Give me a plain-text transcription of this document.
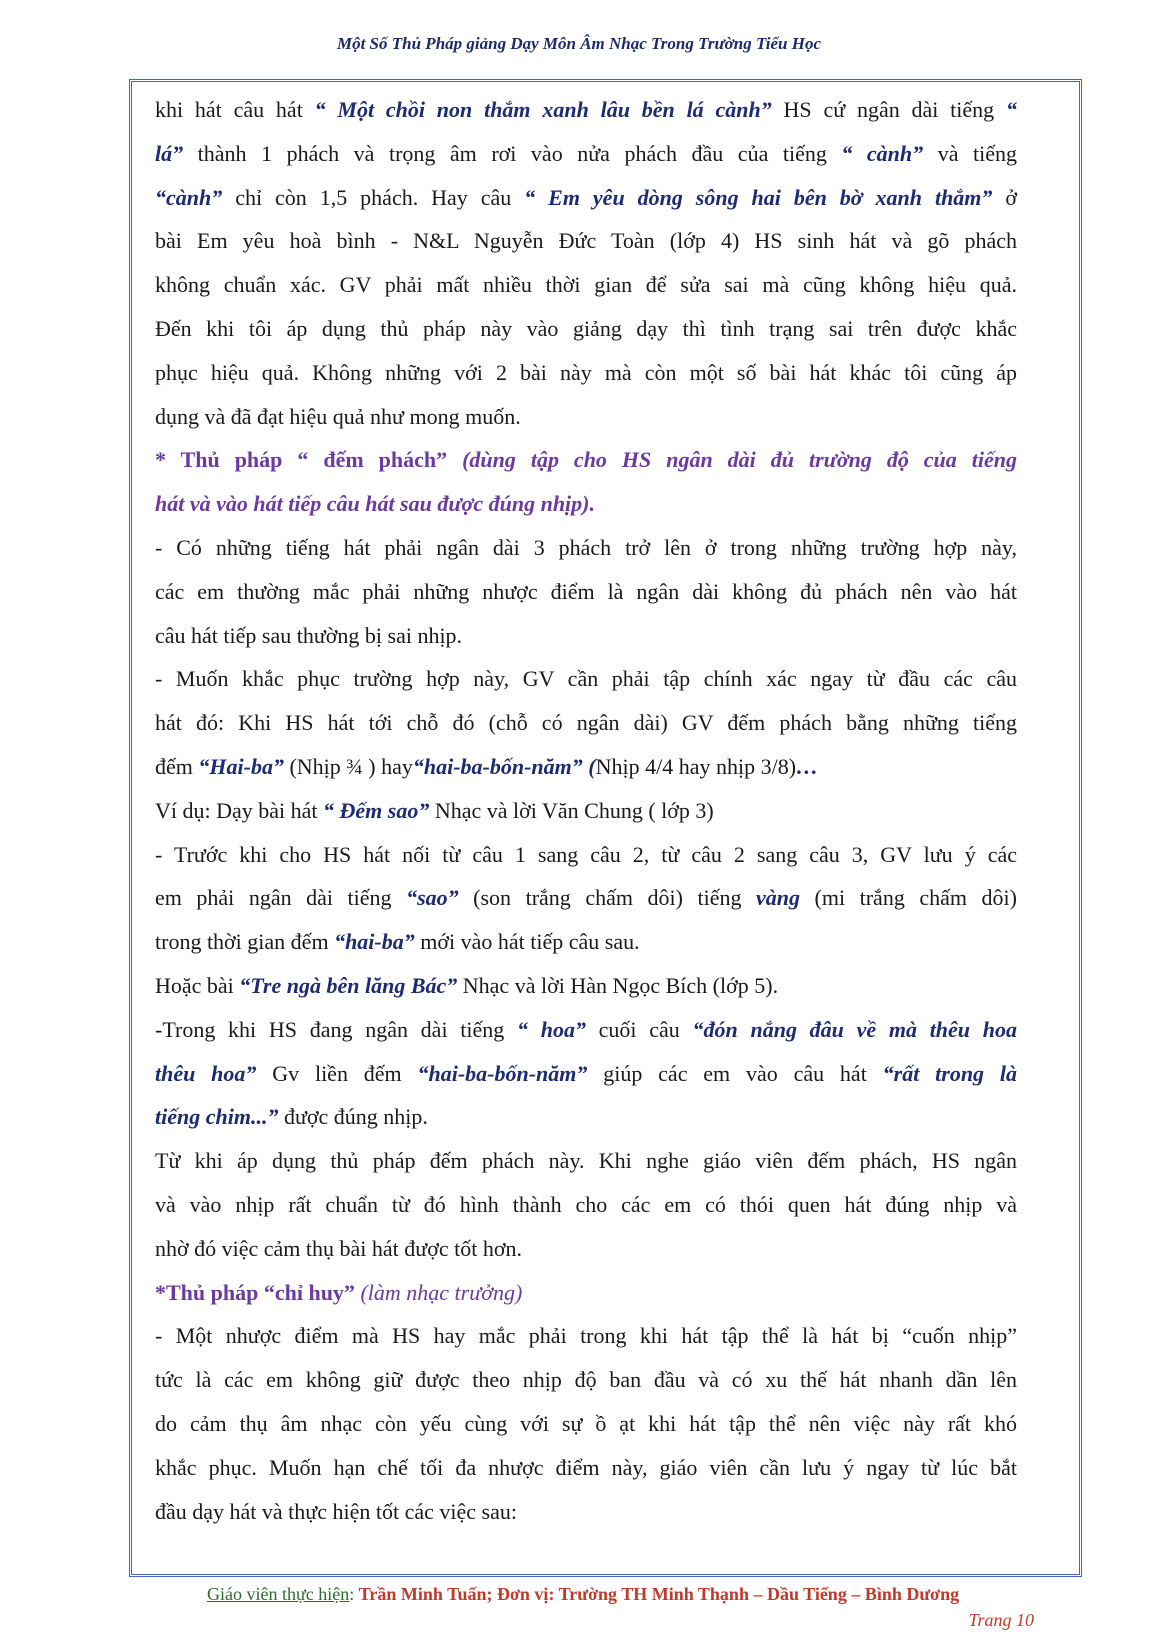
Một Số Thủ Pháp giảng Dạy Môn Âm Nhạc Trong Trường Tiểu Học
khi hát câu hát “ Một chồi non thắm xanh lâu bền lá cành” HS cứ ngân dài tiếng “
lá” thành 1 phách và trọng âm rơi vào nửa phách đầu của tiếng “ cành” và tiếng
“cành” chỉ còn 1,5 phách. Hay câu “ Em yêu dòng sông hai bên bờ xanh thắm” ở
bài Em yêu hoà bình - N&L Nguyễn Đức Toàn (lớp 4) HS sinh hát và gõ phách
không chuẩn xác. GV phải mất nhiều thời gian để sửa sai mà cũng không hiệu quả.
Đến khi tôi áp dụng thủ pháp này vào giảng dạy thì tình trạng sai trên được khắc
phục hiệu quả. Không những với 2 bài này mà còn một số bài hát khác tôi cũng áp
dụng và đã đạt hiệu quả như mong muốn.
* Thủ pháp “ đếm phách” (dùng tập cho HS ngân dài đủ trường độ của tiếng
hát và vào hát tiếp câu hát sau được đúng nhịp).
- Có những tiếng hát phải ngân dài 3 phách trở lên ở trong những trường hợp này,
các em thường mắc phải những nhược điểm là ngân dài không đủ phách nên vào hát
câu hát tiếp sau thường bị sai nhịp.
- Muốn khắc phục trường hợp này, GV cần phải tập chính xác ngay từ đầu các câu
hát đó: Khi HS hát tới chỗ đó (chỗ có ngân dài) GV đếm phách bằng những tiếng
đếm “Hai-ba” (Nhịp ¾ ) hay“hai-ba-bốn-năm” (Nhịp 4/4 hay nhịp 3/8)…
Ví dụ: Dạy bài hát “ Đếm sao” Nhạc và lời Văn Chung ( lớp 3)
- Trước khi cho HS hát nối từ câu 1 sang câu 2, từ câu 2 sang câu 3, GV lưu ý các
em phải ngân dài tiếng “sao” (son trắng chấm dôi) tiếng vàng (mi trắng chấm dôi)
trong thời gian đếm “hai-ba” mới vào hát tiếp câu sau.
Hoặc bài “Tre ngà bên lăng Bác” Nhạc và lời Hàn Ngọc Bích (lớp 5).
-Trong khi HS đang ngân dài tiếng “ hoa” cuối câu “đón nắng đâu về mà thêu hoa
thêu hoa” Gv liền đếm “hai-ba-bốn-năm” giúp các em vào câu hát “rất trong là
tiếng chim...” được đúng nhịp.
Từ khi áp dụng thủ pháp đếm phách này. Khi nghe giáo viên đếm phách, HS ngân
và vào nhịp rất chuẩn từ đó hình thành cho các em có thói quen hát đúng nhịp và
nhờ đó việc cảm thụ bài hát được tốt hơn.
*Thủ pháp “chỉ huy” (làm nhạc trưởng)
- Một nhược điểm mà HS hay mắc phải trong khi hát tập thể là hát bị “cuốn nhịp”
tức là các em không giữ được theo nhịp độ ban đầu và có xu thế hát nhanh dần lên
do cảm thụ âm nhạc còn yếu cùng với sự ồ ạt khi hát tập thể nên việc này rất khó
khắc phục. Muốn hạn chế tối đa nhược điểm này, giáo viên cần lưu ý ngay từ lúc bắt
đầu dạy hát và thực hiện tốt các việc sau:
Giáo viên thực hiện: Trần Minh Tuấn; Đơn vị: Trường TH Minh Thạnh – Dầu Tiếng – Bình Dương
Trang 10
